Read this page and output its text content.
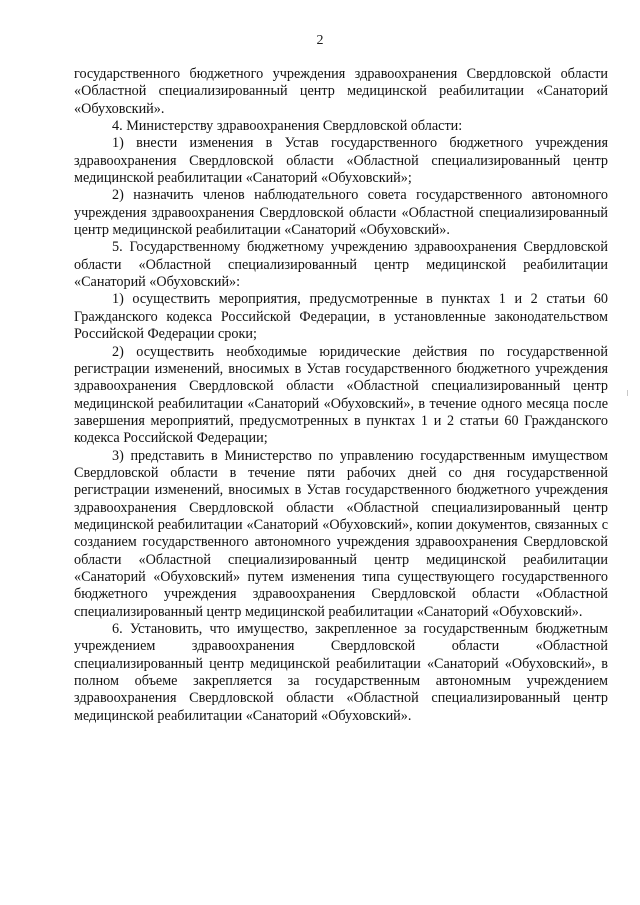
2

государственного бюджетного учреждения здравоохранения Свердловской области «Областной специализированный центр медицинской реабилитации «Санаторий «Обуховский».

4. Министерству здравоохранения Свердловской области:

1) внести изменения в Устав государственного бюджетного учреждения здравоохранения Свердловской области «Областной специализированный центр медицинской реабилитации «Санаторий «Обуховский»;

2) назначить членов наблюдательного совета государственного автономного учреждения здравоохранения Свердловской области «Областной специализированный центр медицинской реабилитации «Санаторий «Обуховский».

5. Государственному бюджетному учреждению здравоохранения Свердловской области «Областной специализированный центр медицинской реабилитации «Санаторий «Обуховский»:

1) осуществить мероприятия, предусмотренные в пунктах 1 и 2 статьи 60 Гражданского кодекса Российской Федерации, в установленные законодательством Российской Федерации сроки;

2) осуществить необходимые юридические действия по государственной регистрации изменений, вносимых в Устав государственного бюджетного учреждения здравоохранения Свердловской области «Областной специализированный центр медицинской реабилитации «Санаторий «Обуховский», в течение одного месяца после завершения мероприятий, предусмотренных в пунктах 1 и 2 статьи 60 Гражданского кодекса Российской Федерации;

3) представить в Министерство по управлению государственным имуществом Свердловской области в течение пяти рабочих дней со дня государственной регистрации изменений, вносимых в Устав государственного бюджетного учреждения здравоохранения Свердловской области «Областной специализированный центр медицинской реабилитации «Санаторий «Обуховский», копии документов, связанных с созданием государственного автономного учреждения здравоохранения Свердловской области «Областной специализированный центр медицинской реабилитации «Санаторий «Обуховский» путем изменения типа существующего государственного бюджетного учреждения здравоохранения Свердловской области «Областной специализированный центр медицинской реабилитации «Санаторий «Обуховский».

6. Установить, что имущество, закрепленное за государственным бюджетным учреждением здравоохранения Свердловской области «Областной специализированный центр медицинской реабилитации «Санаторий «Обуховский», в полном объеме закрепляется за государственным автономным учреждением здравоохранения Свердловской области «Областной специализированный центр медицинской реабилитации «Санаторий «Обуховский».
